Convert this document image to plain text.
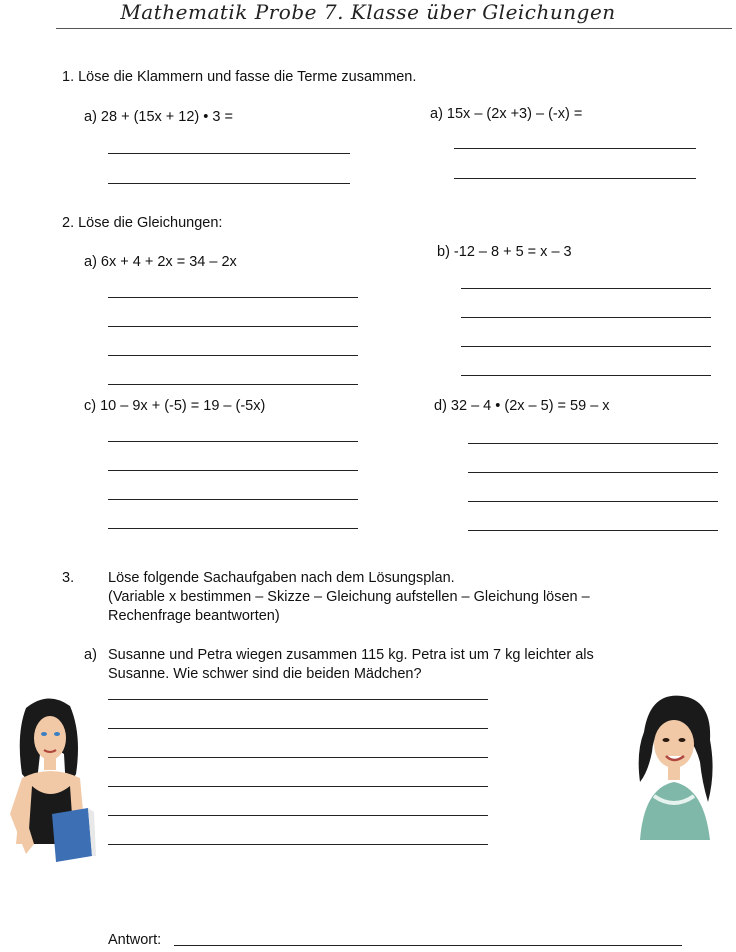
Mathematik Probe 7. Klasse über Gleichungen
1. Löse die Klammern und fasse die Terme zusammen.
a) 28 + (15x + 12) • 3 =	a) 15x – (2x +3) – (-x) =
2. Löse die Gleichungen:
a) 6x + 4 + 2x = 34 – 2x
b) -12 – 8 + 5 = x – 3
c) 10 – 9x + (-5) = 19 – (-5x)	d) 32 – 4 • (2x – 5) = 59 – x
3. Löse folgende Sachaufgaben nach dem Lösungsplan.
(Variable x bestimmen – Skizze – Gleichung aufstellen – Gleichung lösen –
Rechenfrage beantworten)
a) Susanne und Petra wiegen zusammen 115 kg. Petra ist um 7 kg leichter als
Susanne. Wie schwer sind die beiden Mädchen?
Antwort:
